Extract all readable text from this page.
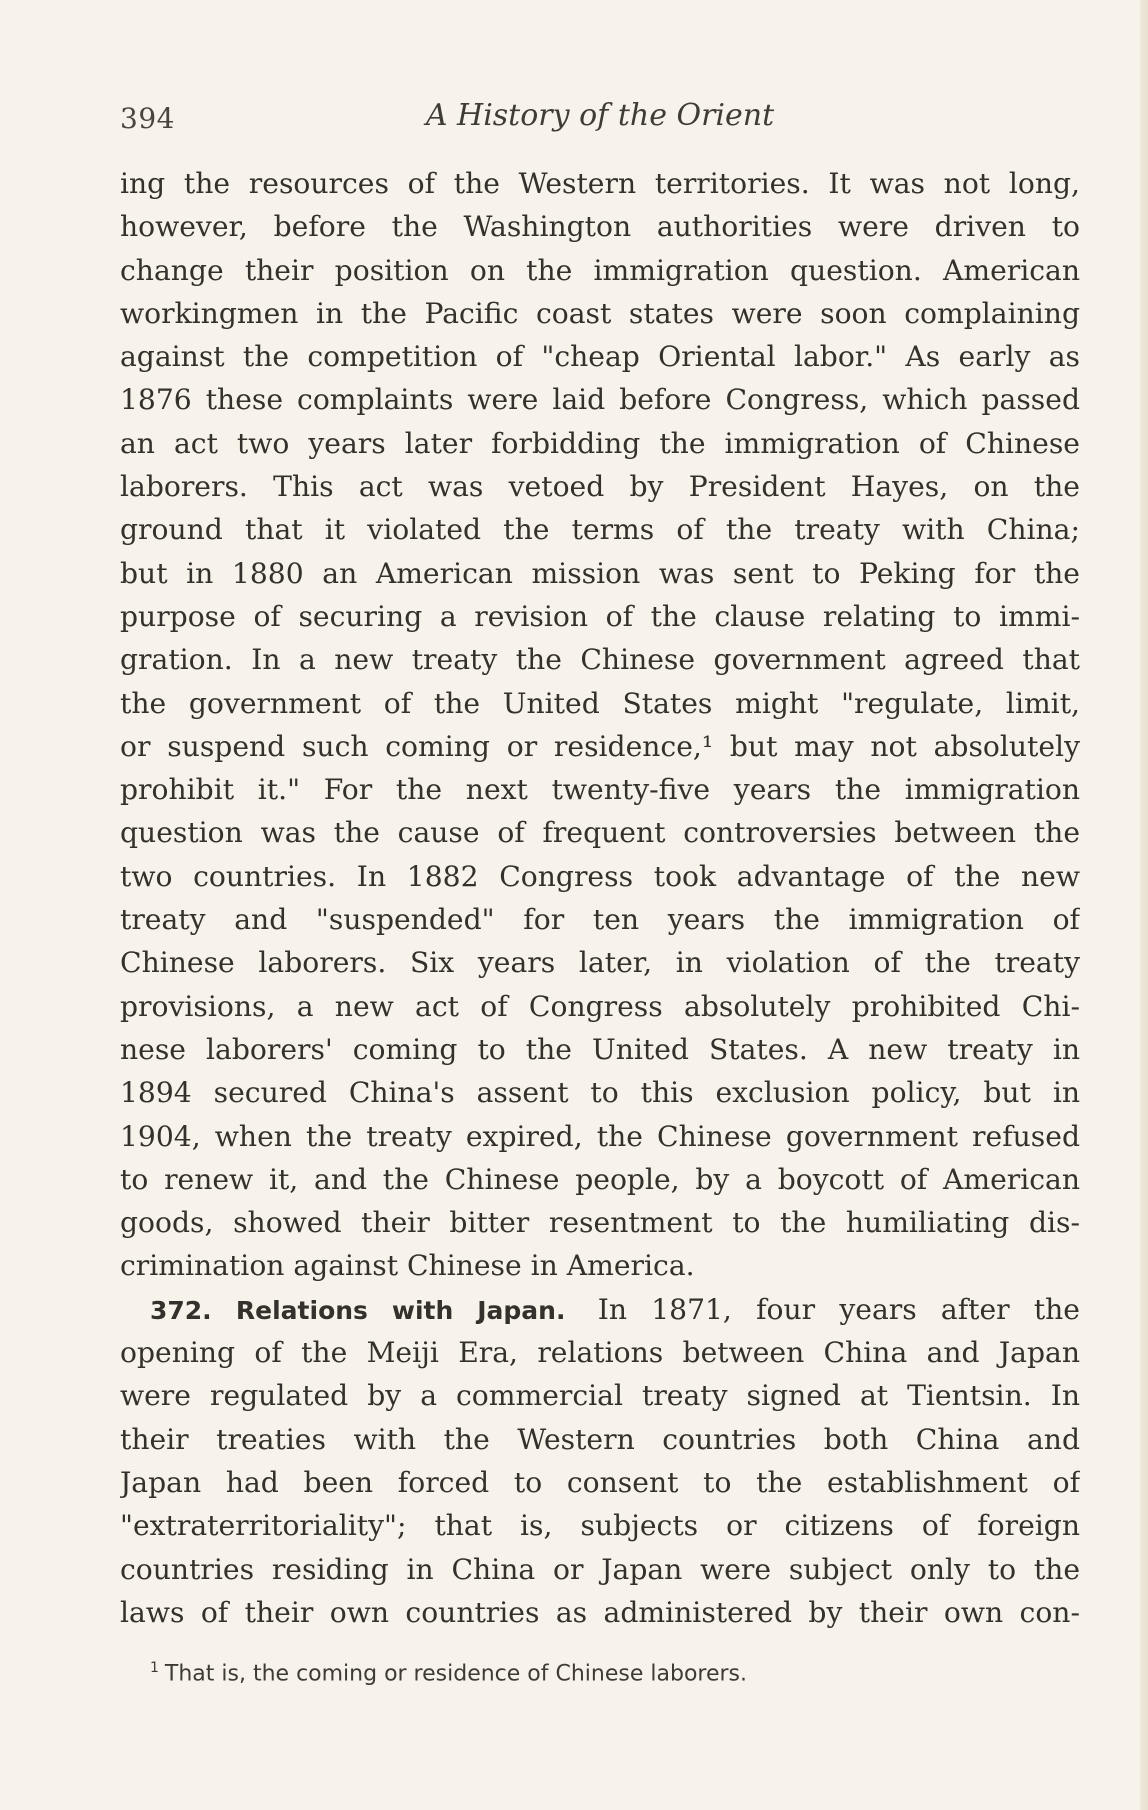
394	A History of the Orient
ing the resources of the Western territories. It was not long,
however, before the Washington authorities were driven to
change their position on the immigration question. American
workingmen in the Pacific coast states were soon complaining
against the competition of "cheap Oriental labor." As early as
1876 these complaints were laid before Congress, which passed
an act two years later forbidding the immigration of Chinese
laborers. This act was vetoed by President Hayes, on the
ground that it violated the terms of the treaty with China;
but in 1880 an American mission was sent to Peking for the
purpose of securing a revision of the clause relating to immi-
gration. In a new treaty the Chinese government agreed that
the government of the United States might "regulate, limit,
or suspend such coming or residence,¹ but may not absolutely
prohibit it." For the next twenty-five years the immigration
question was the cause of frequent controversies between the
two countries. In 1882 Congress took advantage of the new
treaty and "suspended" for ten years the immigration of
Chinese laborers. Six years later, in violation of the treaty
provisions, a new act of Congress absolutely prohibited Chi-
nese laborers' coming to the United States. A new treaty in
1894 secured China's assent to this exclusion policy, but in
1904, when the treaty expired, the Chinese government refused
to renew it, and the Chinese people, by a boycott of American
goods, showed their bitter resentment to the humiliating dis-
crimination against Chinese in America.
372. Relations with Japan. In 1871, four years after the
opening of the Meiji Era, relations between China and Japan
were regulated by a commercial treaty signed at Tientsin. In
their treaties with the Western countries both China and
Japan had been forced to consent to the establishment of
"extraterritoriality"; that is, subjects or citizens of foreign
countries residing in China or Japan were subject only to the
laws of their own countries as administered by their own con-
$^1$ That is, the coming or residence of Chinese laborers.
